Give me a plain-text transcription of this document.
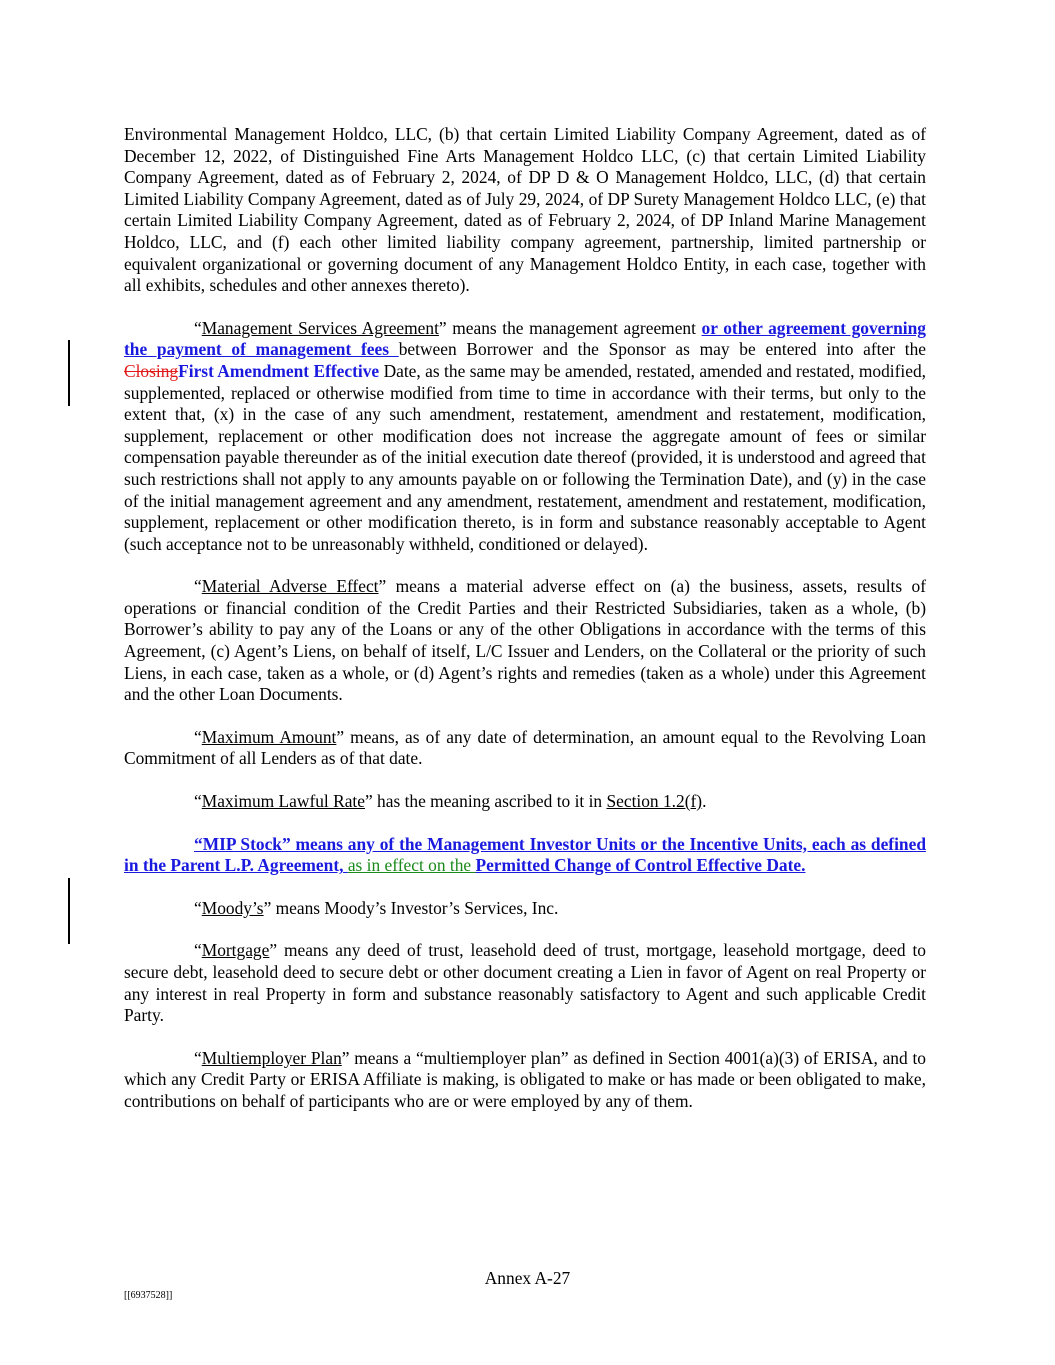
Environmental Management Holdco, LLC, (b) that certain Limited Liability Company Agreement, dated as of December 12, 2022, of Distinguished Fine Arts Management Holdco LLC, (c) that certain Limited Liability Company Agreement, dated as of February 2, 2024, of DP D & O Management Holdco, LLC, (d) that certain Limited Liability Company Agreement, dated as of July 29, 2024, of DP Surety Management Holdco LLC, (e) that certain Limited Liability Company Agreement, dated as of February 2, 2024, of DP Inland Marine Management Holdco, LLC, and (f) each other limited liability company agreement, partnership, limited partnership or equivalent organizational or governing document of any Management Holdco Entity, in each case, together with all exhibits, schedules and other annexes thereto).

“Management Services Agreement” means the management agreement or other agreement governing the payment of management fees between Borrower and the Sponsor as may be entered into after the ClosingFirst Amendment Effective Date, as the same may be amended, restated, amended and restated, modified, supplemented, replaced or otherwise modified from time to time in accordance with their terms, but only to the extent that, (x) in the case of any such amendment, restatement, amendment and restatement, modification, supplement, replacement or other modification does not increase the aggregate amount of fees or similar compensation payable thereunder as of the initial execution date thereof (provided, it is understood and agreed that such restrictions shall not apply to any amounts payable on or following the Termination Date), and (y) in the case of the initial management agreement and any amendment, restatement, amendment and restatement, modification, supplement, replacement or other modification thereto, is in form and substance reasonably acceptable to Agent (such acceptance not to be unreasonably withheld, conditioned or delayed).

“Material Adverse Effect” means a material adverse effect on (a) the business, assets, results of operations or financial condition of the Credit Parties and their Restricted Subsidiaries, taken as a whole, (b) Borrower’s ability to pay any of the Loans or any of the other Obligations in accordance with the terms of this Agreement, (c) Agent’s Liens, on behalf of itself, L/C Issuer and Lenders, on the Collateral or the priority of such Liens, in each case, taken as a whole, or (d) Agent’s rights and remedies (taken as a whole) under this Agreement and the other Loan Documents.

“Maximum Amount” means, as of any date of determination, an amount equal to the Revolving Loan Commitment of all Lenders as of that date.

“Maximum Lawful Rate” has the meaning ascribed to it in Section 1.2(f).

“MIP Stock” means any of the Management Investor Units or the Incentive Units, each as defined in the Parent L.P. Agreement, as in effect on the Permitted Change of Control Effective Date.

“Moody’s” means Moody’s Investor’s Services, Inc.

“Mortgage” means any deed of trust, leasehold deed of trust, mortgage, leasehold mortgage, deed to secure debt, leasehold deed to secure debt or other document creating a Lien in favor of Agent on real Property or any interest in real Property in form and substance reasonably satisfactory to Agent and such applicable Credit Party.

“Multiemployer Plan” means a “multiemployer plan” as defined in Section 4001(a)(3) of ERISA, and to which any Credit Party or ERISA Affiliate is making, is obligated to make or has made or been obligated to make, contributions on behalf of participants who are or were employed by any of them.

Annex A-27
[[6937528]]
